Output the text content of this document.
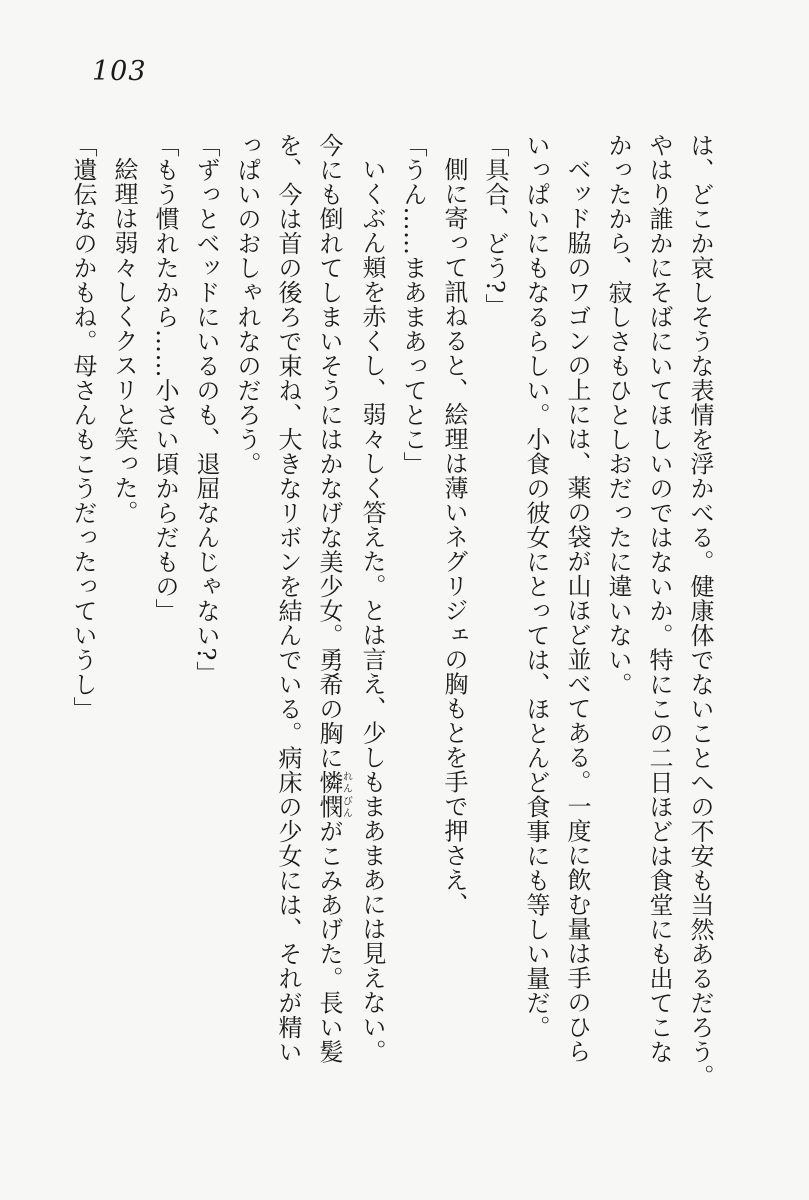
103
は、どこか哀しそうな表情を浮かべる。健康体でないことへの不安も当然あるだろう。
やはり誰かにそばにいてほしいのではないか。特にこの二日ほどは食堂にも出てこな
かったから、寂しさもひとしおだったに違いない。
ベッド脇のワゴンの上には、薬の袋が山ほど並べてある。一度に飲む量は手のひら
いっぱいにもなるらしい。小食の彼女にとっては、ほとんど食事にも等しい量だ。
「具合、どう?」
側に寄って訊ねると、絵理は薄いネグリジェの胸もとを手で押さえ、
「うん……まあまあってとこ」
いくぶん頬を赤くし、弱々しく答えた。とは言え、少しもまあまあには見えない。
今にも倒れてしまいそうにはかなげな美少女。勇希の胸に憐憫れんびんがこみあげた。長い髪
を、今は首の後ろで束ね、大きなリボンを結んでいる。病床の少女には、それが精い
っぱいのおしゃれなのだろう。
「ずっとベッドにいるのも、退屈なんじゃない?」
「もう慣れたから……小さい頃からだもの」
絵理は弱々しくクスリと笑った。
「遺伝なのかもね。母さんもこうだったっていうし」
